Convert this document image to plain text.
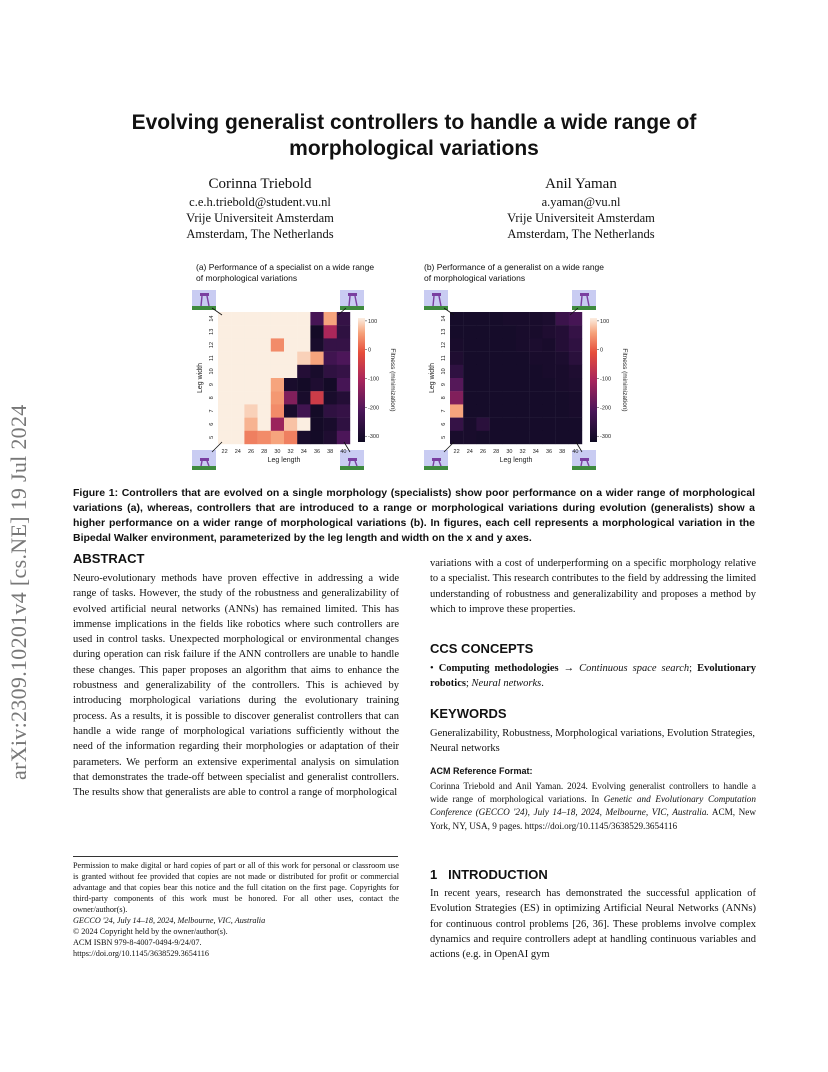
arXiv:2309.10201v4 [cs.NE] 19 Jul 2024
Evolving generalist controllers to handle a wide range of morphological variations
Corinna Triebold
c.e.h.triebold@student.vu.nl
Vrije Universiteit Amsterdam
Amsterdam, The Netherlands
Anil Yaman
a.yaman@vu.nl
Vrije Universiteit Amsterdam
Amsterdam, The Netherlands
(a) Performance of a specialist on a wide range
of morphological variations
(b) Performance of a generalist on a wide range
of morphological variations
22 24 26 28 30 32 34 36 38 40
5
6
7
8
9
10
11
12
13
14
Leg length
Leg width
100
0
-100
-200
-300
Fitness (minimization)
22 24 26 28 30 32 34 36 38 40
5
6
7
8
9
10
11
12
13
14
Leg length
Leg width
100
0
-100
-200
-300
Fitness (minimization)
Figure 1: Controllers that are evolved on a single morphology (specialists) show poor performance on a wider range of morphological variations (a), whereas, controllers that are introduced to a range or morphological variations during evolution (generalists) show a higher performance on a wider range of morphological variations (b). In figures, each cell represents a morphological variation in the Bipedal Walker environment, parameterized by the leg length and width on the x and y axes.
ABSTRACT
Neuro-evolutionary methods have proven effective in addressing a wide range of tasks. However, the study of the robustness and generalizability of evolved artificial neural networks (ANNs) has remained limited. This has immense implications in the fields like robotics where such controllers are used in control tasks. Unexpected morphological or environmental changes during operation can risk failure if the ANN controllers are unable to handle these changes. This paper proposes an algorithm that aims to enhance the robustness and generalizability of the controllers. This is achieved by introducing morphological variations during the evolutionary training process. As a results, it is possible to discover generalist controllers that can handle a wide range of morphological variations sufficiently without the need of the information regarding their morphologies or adaptation of their parameters. We perform an extensive experimental analysis on simulation that demonstrates the trade-off between specialist and generalist controllers. The results show that generalists are able to control a range of morphological
Permission to make digital or hard copies of part or all of this work for personal or classroom use is granted without fee provided that copies are not made or distributed for profit or commercial advantage and that copies bear this notice and the full citation on the first page. Copyrights for third-party components of this work must be honored. For all other uses, contact the owner/author(s).
GECCO '24, July 14–18, 2024, Melbourne, VIC, Australia
© 2024 Copyright held by the owner/author(s).
ACM ISBN 979-8-4007-0494-9/24/07.
https://doi.org/10.1145/3638529.3654116
variations with a cost of underperforming on a specific morphology relative to a specialist. This research contributes to the field by addressing the limited understanding of robustness and generalizability and proposes a method by which to improve these properties.
CCS CONCEPTS
• Computing methodologies → Continuous space search; Evolutionary robotics; Neural networks.
KEYWORDS
Generalizability, Robustness, Morphological variations, Evolution Strategies, Neural networks
ACM Reference Format:
Corinna Triebold and Anil Yaman. 2024. Evolving generalist controllers to handle a wide range of morphological variations. In Genetic and Evolutionary Computation Conference (GECCO '24), July 14–18, 2024, Melbourne, VIC, Australia. ACM, New York, NY, USA, 9 pages. https://doi.org/10.1145/3638529.3654116
1 INTRODUCTION
In recent years, research has demonstrated the successful application of Evolution Strategies (ES) in optimizing Artificial Neural Networks (ANNs) for continuous control problems [26, 36]. These problems involve complex dynamics and require controllers adept at handling continuous variables and actions (e.g. in OpenAI gym
